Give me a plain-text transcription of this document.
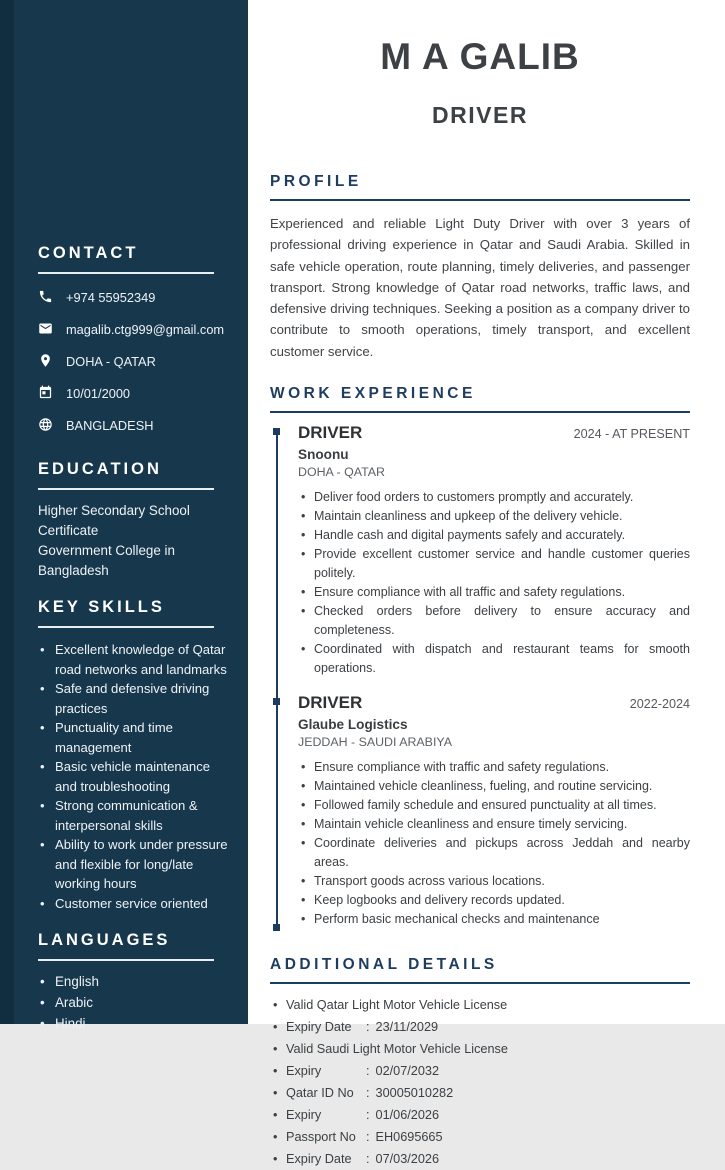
CONTACT
+974 55952349
magalib.ctg999@gmail.com
DOHA - QATAR
10/01/2000
BANGLADESH
EDUCATION
Higher Secondary School
Certificate
Government College in
Bangladesh
KEY SKILLS
• Excellent knowledge of Qatar road networks and landmarks
• Safe and defensive driving practices
• Punctuality and time management
• Basic vehicle maintenance and troubleshooting
• Strong communication & interpersonal skills
• Ability to work under pressure and flexible for long/late working hours
• Customer service oriented
LANGUAGES
• English
• Arabic
• Hindi
M A GALIB
DRIVER
PROFILE

Experienced and reliable Light Duty Driver with over 3 years of professional driving experience in Qatar and Saudi Arabia. Skilled in safe vehicle operation, route planning, timely deliveries, and passenger transport. Strong knowledge of Qatar road networks, traffic laws, and defensive driving techniques. Seeking a position as a company driver to contribute to smooth operations, timely transport, and excellent customer service.

WORK EXPERIENCE
DRIVER	2024 - AT PRESENT
Snoonu
DOHA - QATAR
• Deliver food orders to customers promptly and accurately.
• Maintain cleanliness and upkeep of the delivery vehicle.
• Handle cash and digital payments safely and accurately.
• Provide excellent customer service and handle customer queries politely.
• Ensure compliance with all traffic and safety regulations.
• Checked orders before delivery to ensure accuracy and completeness.
• Coordinated with dispatch and restaurant teams for smooth operations.
DRIVER	2022-2024
Glaube Logistics
JEDDAH - SAUDI ARABIYA
• Ensure compliance with traffic and safety regulations.
• Maintained vehicle cleanliness, fueling, and routine servicing.
• Followed family schedule and ensured punctuality at all times.
• Maintain vehicle cleanliness and ensure timely servicing.
• Coordinate deliveries and pickups across Jeddah and nearby areas.
• Transport goods across various locations.
• Keep logbooks and delivery records updated.
• Perform basic mechanical checks and maintenance
ADDITIONAL DETAILS
• Valid Qatar Light Motor Vehicle License
• Expiry Date	: 23/11/2029
• Valid Saudi Light Motor Vehicle License
• Expiry	: 02/07/2032
• Qatar ID No : 30005010282
• Expiry	: 01/06/2026
• Passport No : EH0695665
• Expiry Date	: 07/03/2026
